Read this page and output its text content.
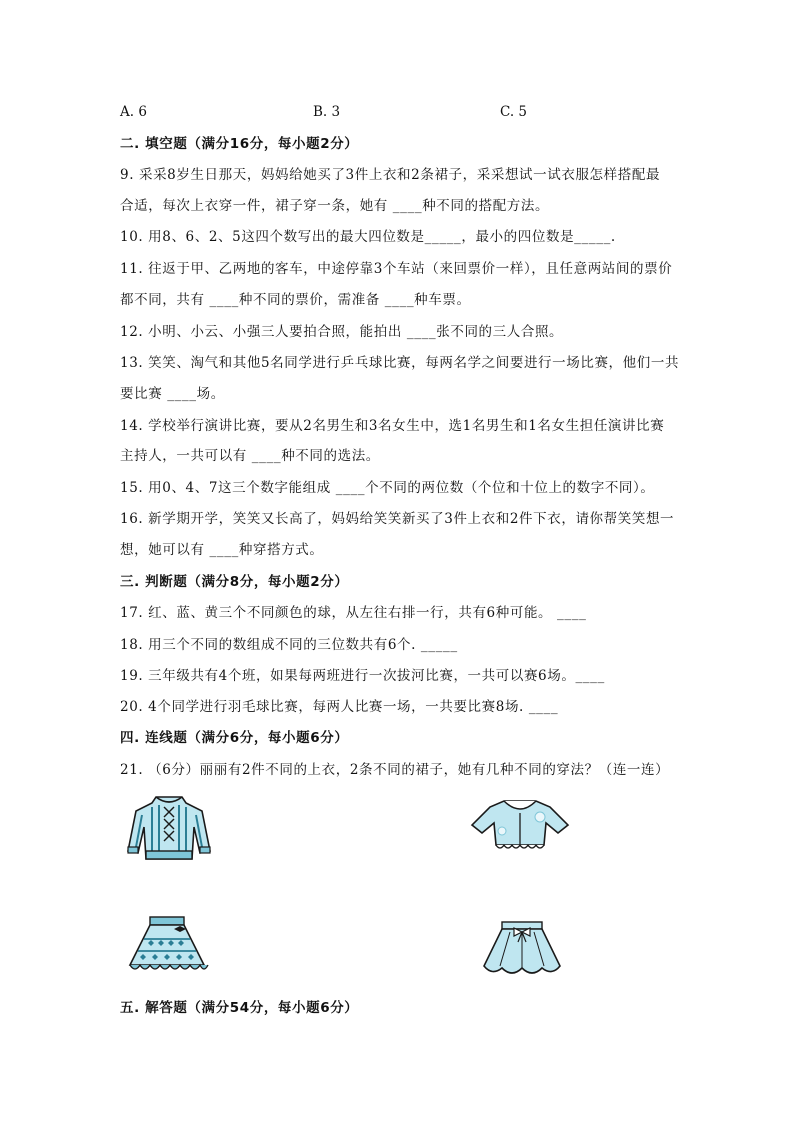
A. 6	B. 3	C. 5
二. 填空题（满分16分，每小题2分）
9. 采采8岁生日那天，妈妈给她买了3件上衣和2条裙子，采采想试一试衣服怎样搭配最
合适，每次上衣穿一件，裙子穿一条，她有 ____种不同的搭配方法。
10. 用8、6、2、5这四个数写出的最大四位数是_____，最小的四位数是_____.
11. 往返于甲、乙两地的客车，中途停靠3个车站（来回票价一样），且任意两站间的票价
都不同，共有 ____种不同的票价，需准备 ____种车票。
12. 小明、小云、小强三人要拍合照，能拍出 ____张不同的三人合照。
13. 笑笑、淘气和其他5名同学进行乒乓球比赛，每两名学之间要进行一场比赛，他们一共
要比赛 ____场。
14. 学校举行演讲比赛，要从2名男生和3名女生中，选1名男生和1名女生担任演讲比赛
主持人，一共可以有 ____种不同的选法。
15. 用0、4、7这三个数字能组成 ____个不同的两位数（个位和十位上的数字不同）。
16. 新学期开学，笑笑又长高了，妈妈给笑笑新买了3件上衣和2件下衣，请你帮笑笑想一
想，她可以有 ____种穿搭方式。
三. 判断题（满分8分，每小题2分）
17. 红、蓝、黄三个不同颜色的球，从左往右排一行，共有6种可能。 ____
18. 用三个不同的数组成不同的三位数共有6个. _____
19. 三年级共有4个班，如果每两班进行一次拔河比赛，一共可以赛6场。____
20. 4个同学进行羽毛球比赛，每两人比赛一场，一共要比赛8场. ____
四. 连线题（满分6分，每小题6分）
21. （6分）丽丽有2件不同的上衣，2条不同的裙子，她有几种不同的穿法？（连一连）
五. 解答题（满分54分，每小题6分）
